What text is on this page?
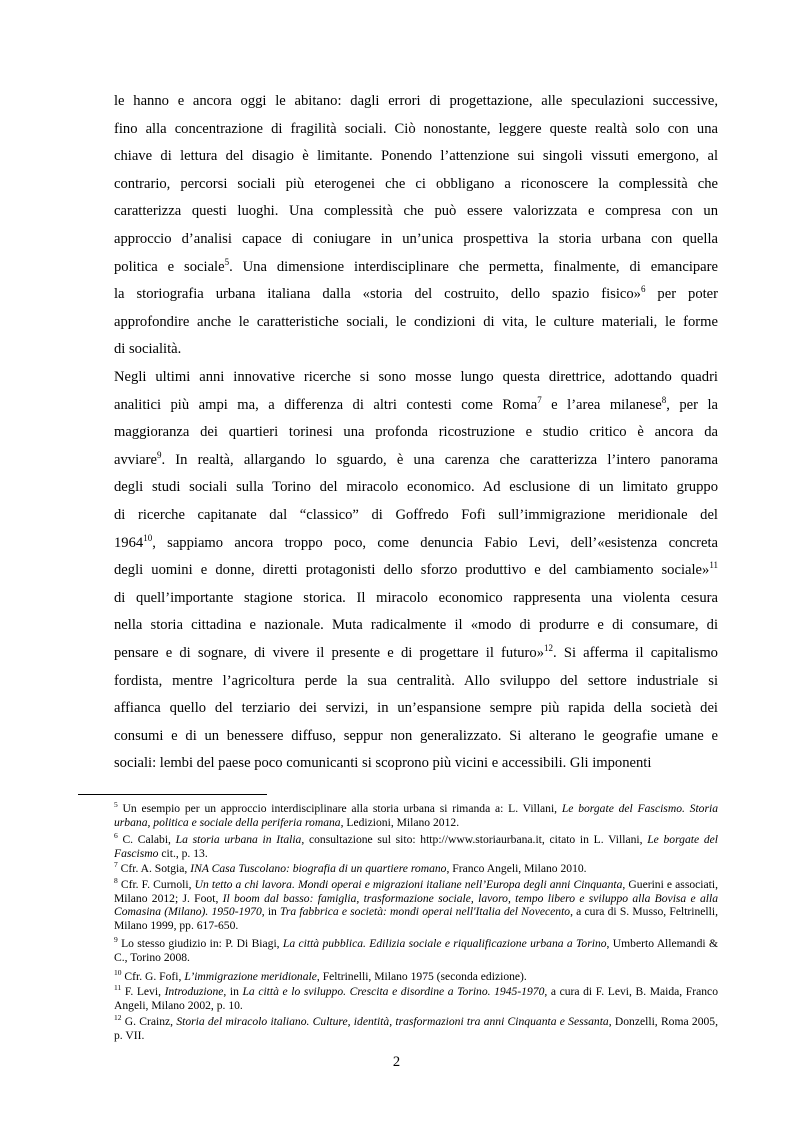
le hanno e ancora oggi le abitano: dagli errori di progettazione, alle speculazioni successive,
fino alla concentrazione di fragilità sociali. Ciò nonostante, leggere queste realtà solo con una
chiave di lettura del disagio è limitante. Ponendo l’attenzione sui singoli vissuti emergono, al
contrario, percorsi sociali più eterogenei che ci obbligano a riconoscere la complessità che
caratterizza questi luoghi. Una complessità che può essere valorizzata e compresa con un
approccio d’analisi capace di coniugare in un’unica prospettiva la storia urbana con quella
politica e sociale$^5$. Una dimensione interdisciplinare che permetta, finalmente, di emancipare
la storiografia urbana italiana dalla «storia del costruito, dello spazio fisico»$^6$ per poter
approfondire anche le caratteristiche sociali, le condizioni di vita, le culture materiali, le forme
di socialità.
Negli ultimi anni innovative ricerche si sono mosse lungo questa direttrice, adottando quadri
analitici più ampi ma, a differenza di altri contesti come Roma$^7$ e l’area milanese$^8$, per la
maggioranza dei quartieri torinesi una profonda ricostruzione e studio critico è ancora da
avviare$^9$. In realtà, allargando lo sguardo, è una carenza che caratterizza l’intero panorama
degli studi sociali sulla Torino del miracolo economico. Ad esclusione di un limitato gruppo
di ricerche capitanate dal “classico” di Goffredo Fofi sull’immigrazione meridionale del
1964$^{10}$, sappiamo ancora troppo poco, come denuncia Fabio Levi, dell’«esistenza concreta
degli uomini e donne, diretti protagonisti dello sforzo produttivo e del cambiamento sociale»$^{11}$
di quell’importante stagione storica. Il miracolo economico rappresenta una violenta cesura
nella storia cittadina e nazionale. Muta radicalmente il «modo di produrre e di consumare, di
pensare e di sognare, di vivere il presente e di progettare il futuro»$^{12}$. Si afferma il capitalismo
fordista, mentre l’agricoltura perde la sua centralità. Allo sviluppo del settore industriale si
affianca quello del terziario dei servizi, in un’espansione sempre più rapida della società dei
consumi e di un benessere diffuso, seppur non generalizzato. Si alterano le geografie umane e
sociali: lembi del paese poco comunicanti si scoprono più vicini e accessibili. Gli imponenti
$^5$ Un esempio per un approccio interdisciplinare alla storia urbana si rimanda a: L. Villani, Le borgate del Fascismo. Storia urbana, politica e sociale della periferia romana, Ledizioni, Milano 2012.
$^6$ C. Calabi, La storia urbana in Italia, consultazione sul sito: http://www.storiaurbana.it, citato in L. Villani, Le borgate del Fascismo cit., p. 13.
$^7$ Cfr. A. Sotgia, INA Casa Tuscolano: biografia di un quartiere romano, Franco Angeli, Milano 2010.
$^8$ Cfr. F. Curnoli, Un tetto a chi lavora. Mondi operai e migrazioni italiane nell’Europa degli anni Cinquanta, Guerini e associati, Milano 2012; J. Foot, Il boom dal basso: famiglia, trasformazione sociale, lavoro, tempo libero e sviluppo alla Bovisa e alla Comasina (Milano). 1950-1970, in Tra fabbrica e società: mondi operai nell'Italia del Novecento, a cura di S. Musso, Feltrinelli, Milano 1999, pp. 617-650.
$^9$ Lo stesso giudizio in: P. Di Biagi, La città pubblica. Edilizia sociale e riqualificazione urbana a Torino, Umberto Allemandi & C., Torino 2008.
$^{10}$ Cfr. G. Fofi, L’immigrazione meridionale, Feltrinelli, Milano 1975 (seconda edizione).
$^{11}$ F. Levi, Introduzione, in La città e lo sviluppo. Crescita e disordine a Torino. 1945-1970, a cura di F. Levi, B. Maida, Franco Angeli, Milano 2002, p. 10.
$^{12}$ G. Crainz, Storia del miracolo italiano. Culture, identità, trasformazioni tra anni Cinquanta e Sessanta, Donzelli, Roma 2005, p. VII.
2
